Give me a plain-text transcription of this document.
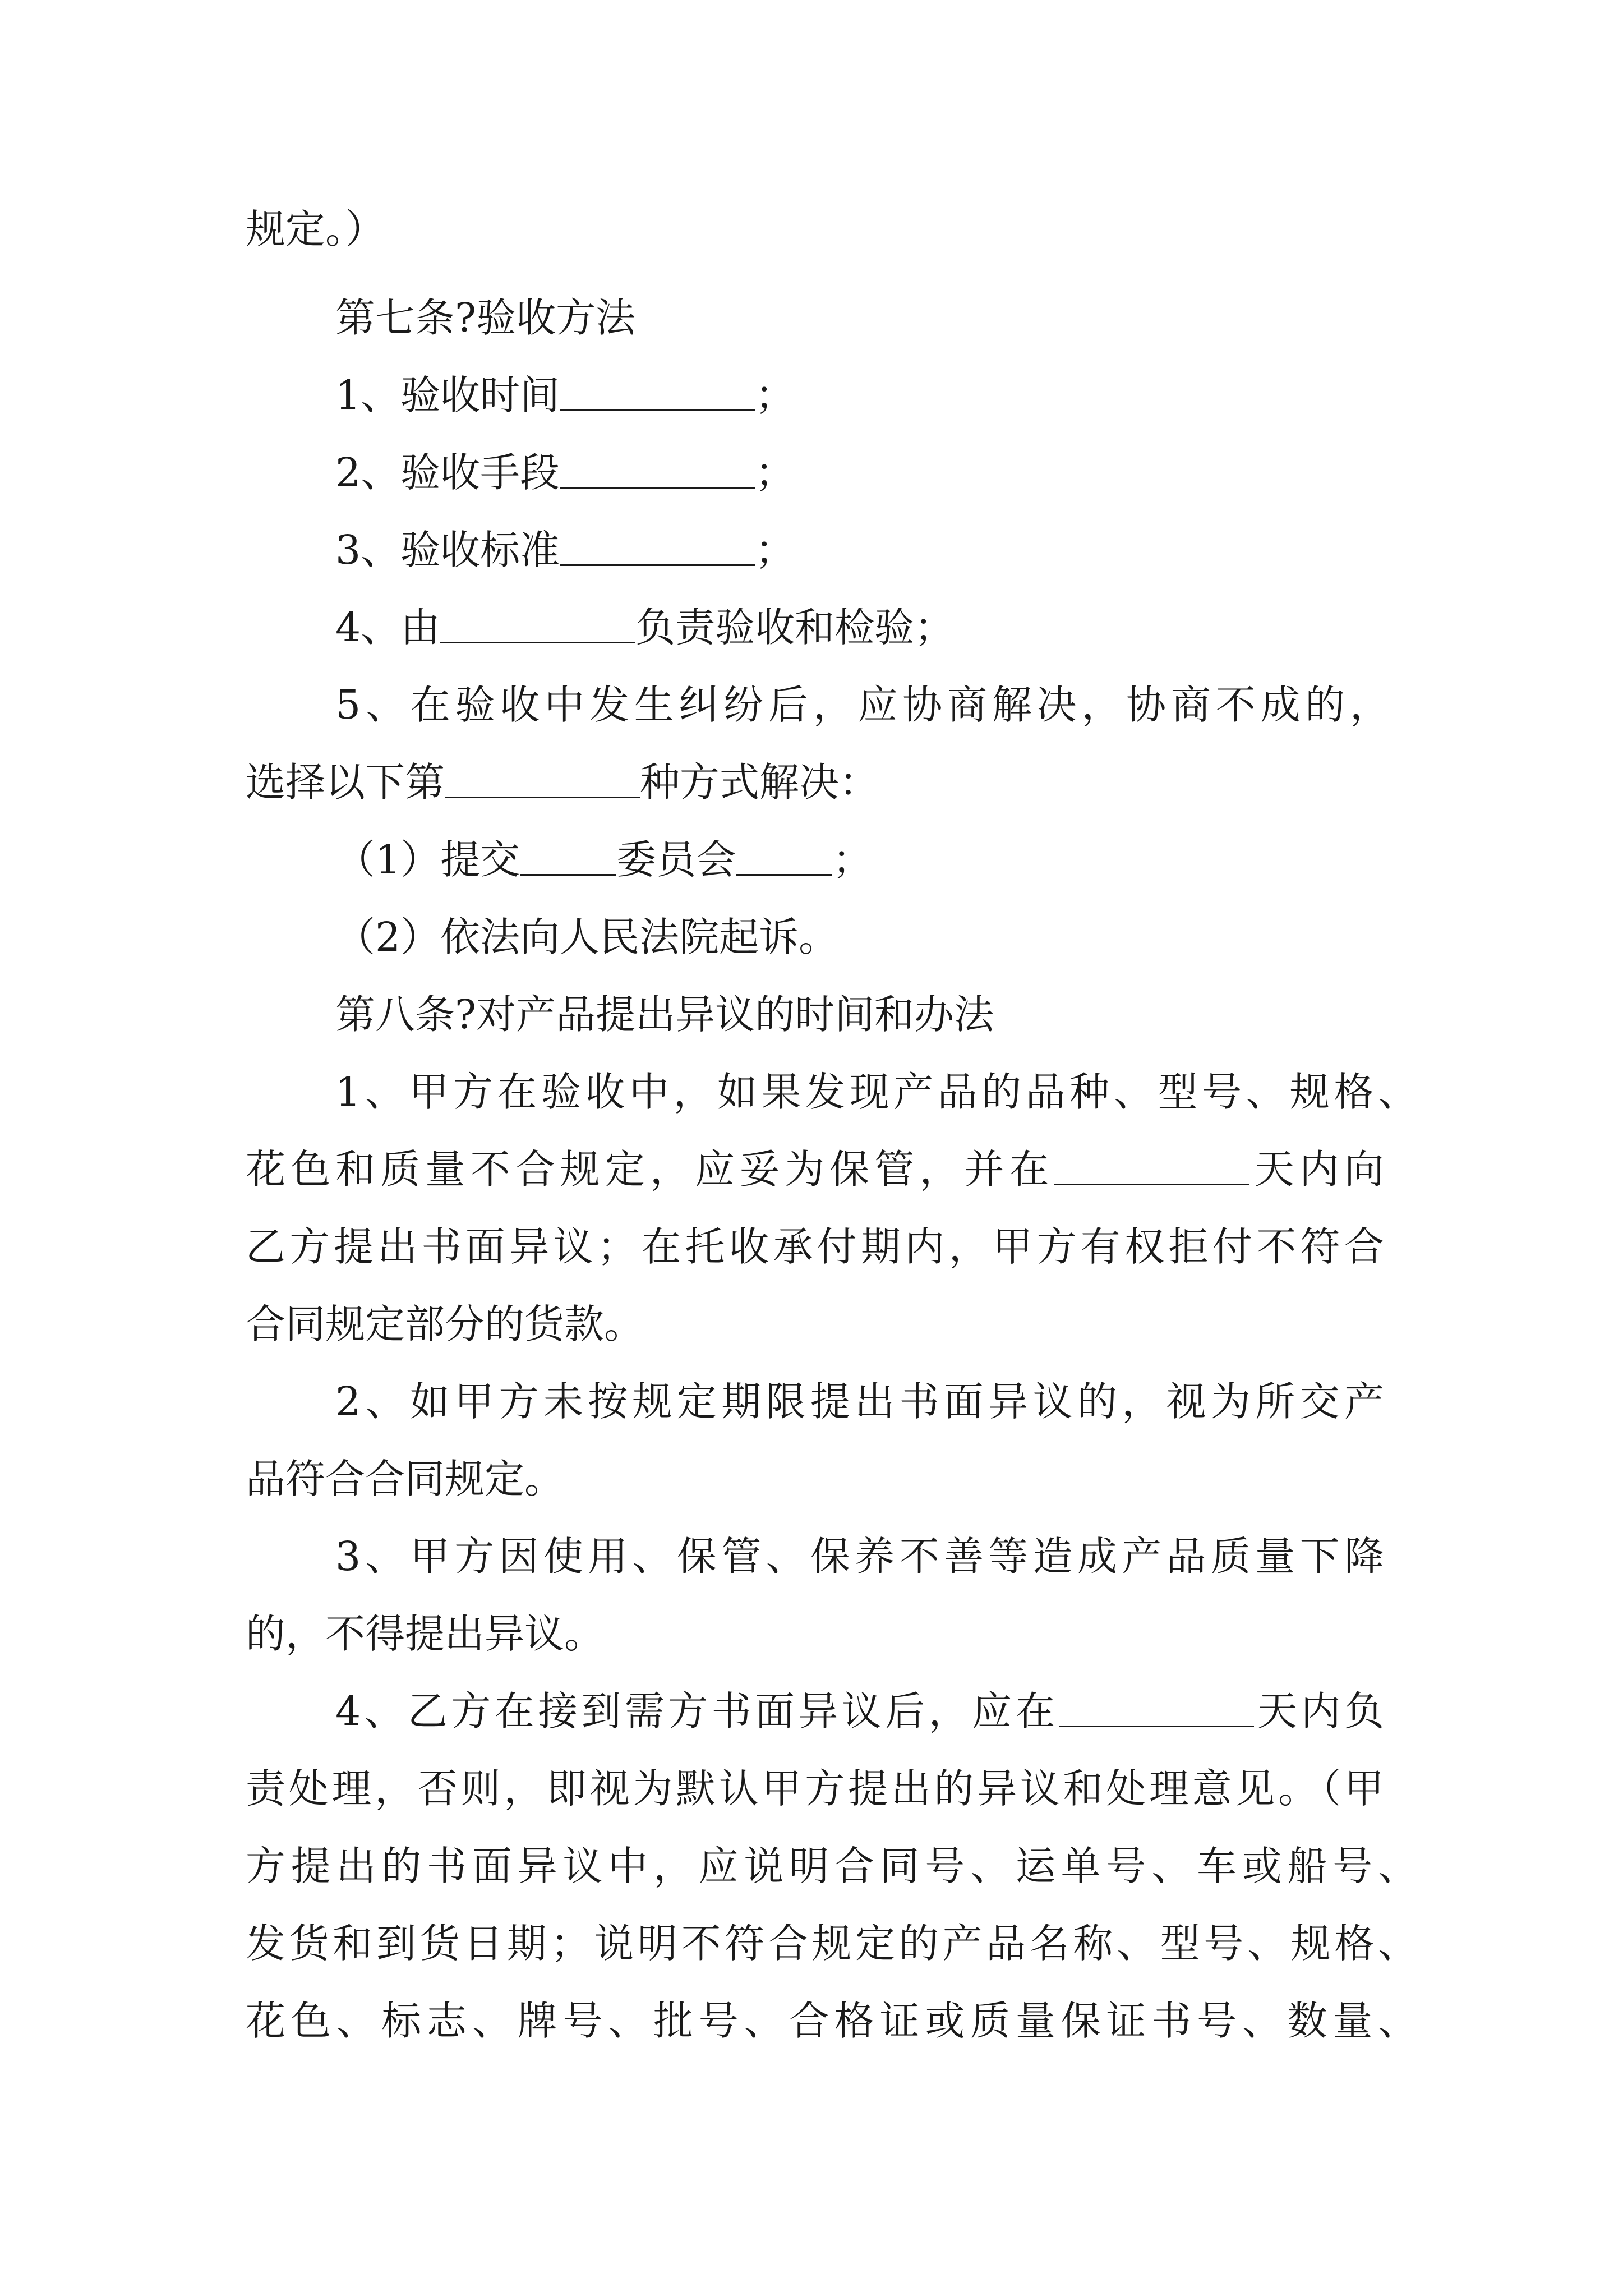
规定。）
第七条?验收方法
1、验收时间	；
2、验收手段	；
3、验收标准	；
4、由	负责验收和检验；
5、在验收中发生纠纷后，应协商解决，协商不成的，
选择以下第	种方式解决：
（1）提交 委员会 ；
（2）依法向人民法院起诉。
第八条?对产品提出异议的时间和办法
1、甲方在验收中，如果发现产品的品种、型号、规格、
花色和质量不合规定，应妥为保管，并在	天内向
乙方提出书面异议；在托收承付期内，甲方有权拒付不符合
合同规定部分的货款。
2、如甲方未按规定期限提出书面异议的，视为所交产
品符合合同规定。
3、甲方因使用、保管、保养不善等造成产品质量下降
的，不得提出异议。
4、乙方在接到需方书面异议后，应在	天内负
责处理，否则，即视为默认甲方提出的异议和处理意见。（甲
方提出的书面异议中，应说明合同号、运单号、车或船号、
发货和到货日期；说明不符合规定的产品名称、型号、规格、
花色、标志、牌号、批号、合格证或质量保证书号、数量、
